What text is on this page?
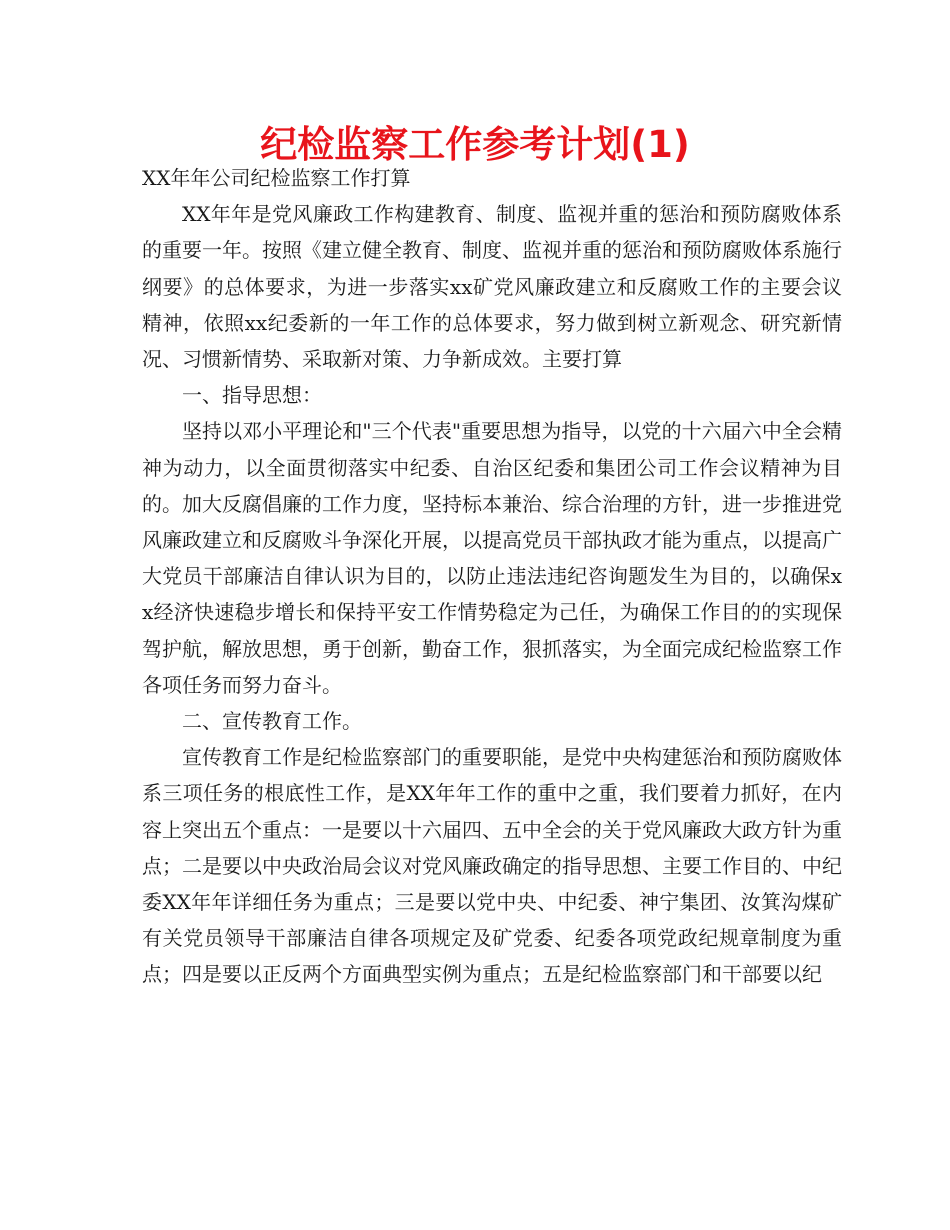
纪检监察工作参考计划(1)

XX年年公司纪检监察工作打算

XX年年是党风廉政工作构建教育、制度、监视并重的惩治和预防腐败体系的重要一年。按照《建立健全教育、制度、监视并重的惩治和预防腐败体系施行纲要》的总体要求，为进一步落实xx矿党风廉政建立和反腐败工作的主要会议精神，依照xx纪委新的一年工作的总体要求，努力做到树立新观念、研究新情况、习惯新情势、采取新对策、力争新成效。主要打算

一、指导思想：

坚持以邓小平理论和"三个代表"重要思想为指导，以党的十六届六中全会精神为动力，以全面贯彻落实中纪委、自治区纪委和集团公司工作会议精神为目的。加大反腐倡廉的工作力度，坚持标本兼治、综合治理的方针，进一步推进党风廉政建立和反腐败斗争深化开展，以提高党员干部执政才能为重点，以提高广大党员干部廉洁自律认识为目的，以防止违法违纪咨询题发生为目的，以确保xx经济快速稳步增长和保持平安工作情势稳定为己任，为确保工作目的的实现保驾护航，解放思想，勇于创新，勤奋工作，狠抓落实，为全面完成纪检监察工作各项任务而努力奋斗。

二、宣传教育工作。

宣传教育工作是纪检监察部门的重要职能，是党中央构建惩治和预防腐败体系三项任务的根底性工作，是XX年年工作的重中之重，我们要着力抓好，在内容上突出五个重点：一是要以十六届四、五中全会的关于党风廉政大政方针为重点；二是要以中央政治局会议对党风廉政确定的指导思想、主要工作目的、中纪委XX年年详细任务为重点；三是要以党中央、中纪委、神宁集团、汝箕沟煤矿有关党员领导干部廉洁自律各项规定及矿党委、纪委各项党政纪规章制度为重点；四是要以正反两个方面典型实例为重点；五是纪检监察部门和干部要以纪
